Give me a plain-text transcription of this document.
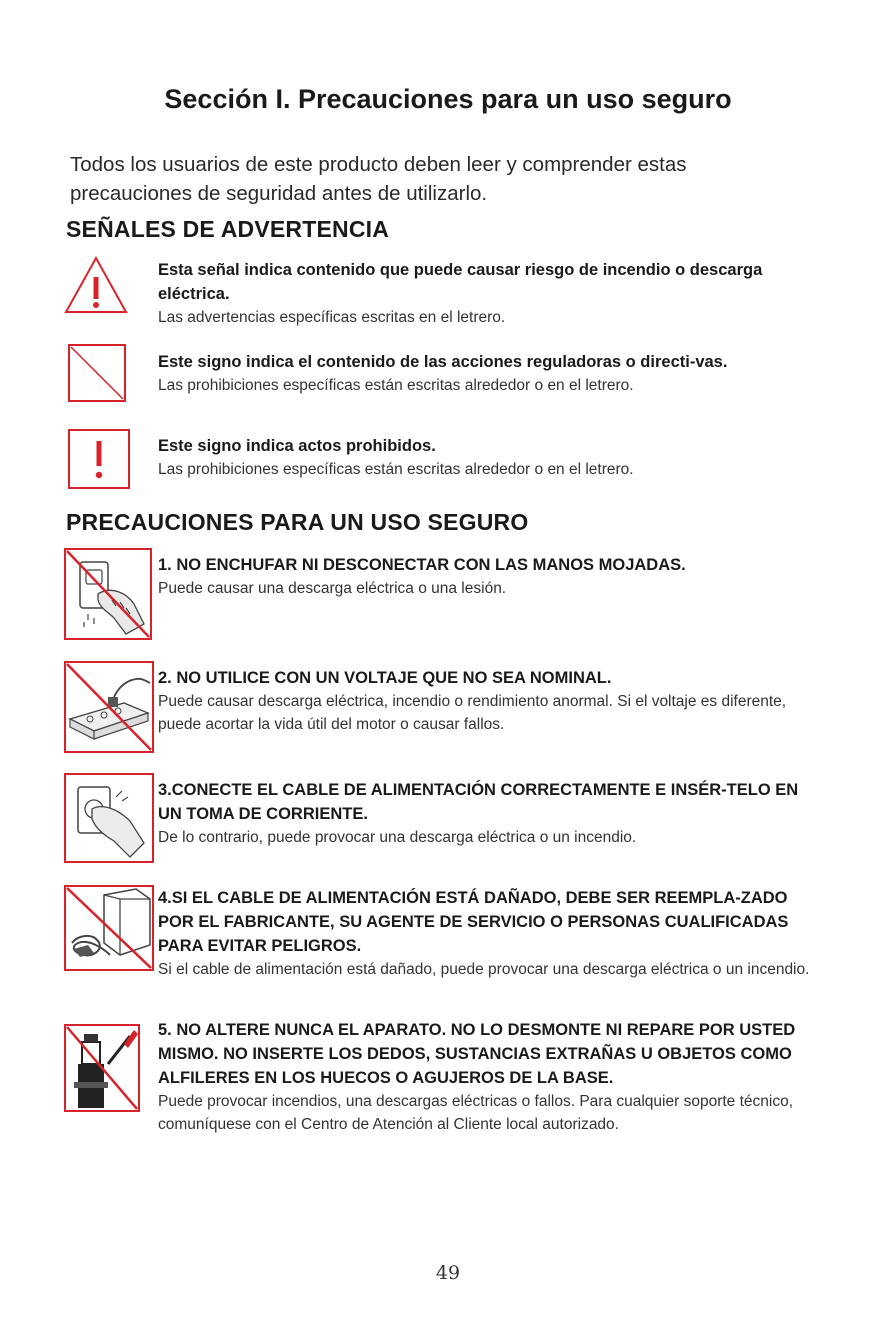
Sección I. Precauciones para un uso seguro
Todos los usuarios de este producto deben leer y comprender estas precauciones de seguridad antes de utilizarlo.
SEÑALES DE ADVERTENCIA
Esta señal indica contenido que puede causar riesgo de incendio o descarga eléctrica.
Las advertencias específicas escritas en el letrero.
Este signo indica el contenido de las acciones reguladoras o directi-vas.
Las prohibiciones específicas están escritas alrededor o en el letrero.
Este signo indica actos prohibidos.
Las prohibiciones específicas están escritas alrededor o en el letrero.
PRECAUCIONES PARA UN USO SEGURO
1. NO ENCHUFAR NI DESCONECTAR CON LAS MANOS MOJADAS.
Puede causar una descarga eléctrica o una lesión.
2. NO UTILICE CON UN VOLTAJE QUE NO SEA NOMINAL.
Puede causar descarga eléctrica, incendio o rendimiento anormal. Si el voltaje es diferente, puede acortar la vida útil del motor o causar fallos.
3.CONECTE EL CABLE DE ALIMENTACIÓN CORRECTAMENTE E INSÉR-TELO EN UN TOMA DE CORRIENTE.
De lo contrario, puede provocar una descarga eléctrica o un incendio.
4.SI EL CABLE DE ALIMENTACIÓN ESTÁ DAÑADO, DEBE SER REEMPLA-ZADO POR EL FABRICANTE, SU AGENTE DE SERVICIO O PERSONAS CUALIFICADAS PARA EVITAR PELIGROS.
Si el cable de alimentación está dañado, puede provocar una descarga eléctrica o un incendio.
5. NO ALTERE NUNCA EL APARATO. NO LO DESMONTE NI REPARE POR USTED MISMO. NO INSERTE LOS DEDOS, SUSTANCIAS EXTRAÑAS U OBJETOS COMO ALFILERES EN LOS HUECOS O AGUJEROS DE LA BASE.
Puede provocar incendios, una descargas eléctricas o fallos. Para cualquier soporte técnico, comuníquese con el Centro de Atención al Cliente local autorizado.
49
